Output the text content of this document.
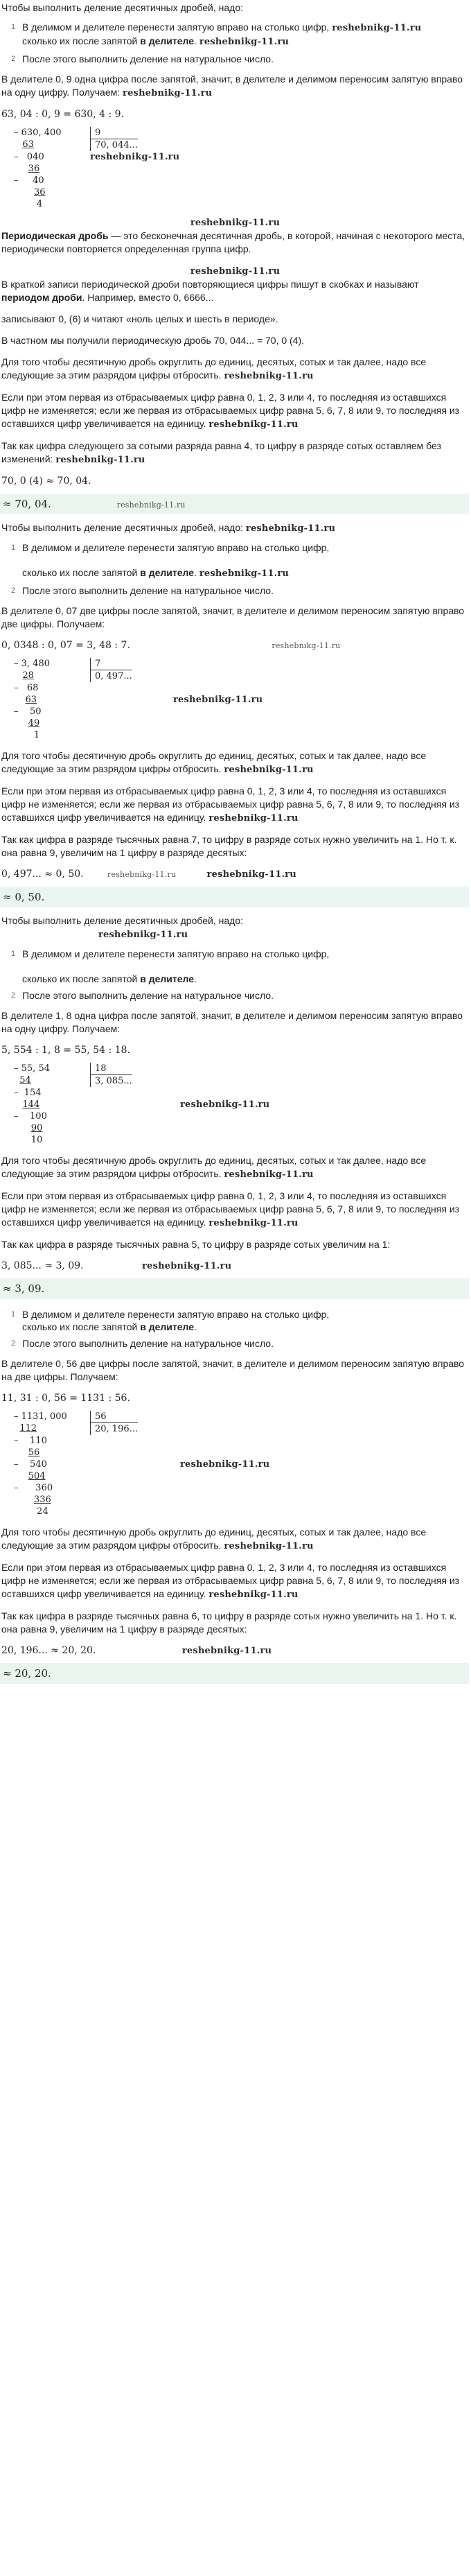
Чтобы выполнить деление десятичных дробей, надо:

1 В делимом и делителе перенести запятую вправо на столько цифр, reshebnikg-11.ru
сколько их после запятой в делителе. reshebnikg-11.ru
2 После этого выполнить деление на натуральное число.

В делителе 0, 9 одна цифра после запятой, значит, в делителе и делимом переносим запятую вправо на одну цифру. Получаем: reshebnikg-11.ru

63, 04 : 0, 9 = 630, 4 : 9.

– 630, 400	9
63	70, 044...
–   040	reshebnikg-11.ru
36
–     40
36
4

reshebnikg-11.ru

Периодическая дробь — это бесконечная десятичная дробь, в которой, начиная с некоторого места, периодически повторяется определенная группа цифр.

reshebnikg-11.ru

В краткой записи периодической дроби повторяющиеся цифры пишут в скобках и называют периодом дроби. Например, вместо 0, 6666...

записывают 0, (6) и читают «ноль целых и шесть в периоде».

В частном мы получили периодическую дробь 70, 044... = 70, 0 (4).

Для того чтобы десятичную дробь округлить до единиц, десятых, сотых и так далее, надо все следующие за этим разрядом цифры отбросить. reshebnikg-11.ru

Если при этом первая из отбрасываемых цифр равна 0, 1, 2, 3 или 4, то последняя из оставшихся цифр не изменяется; если же первая из отбрасываемых цифр равна 5, 6, 7, 8 или 9, то последняя из оставшихся цифр увеличивается на единицу. reshebnikg-11.ru

Так как цифра следующего за сотыми разряда равна 4, то цифру в разряде сотых оставляем без изменений: reshebnikg-11.ru

70, 0 (4) ≈ 70, 04.

≈ 70, 04.	reshebnikg-11.ru

Чтобы выполнить деление десятичных дробей, надо: reshebnikg-11.ru

1 В делимом и делителе перенести запятую вправо на столько цифр,

сколько их после запятой в делителе. reshebnikg-11.ru
2 После этого выполнить деление на натуральное число.

В делителе 0, 07 две цифры после запятой, значит, в делителе и делимом переносим запятую вправо две цифры. Получаем:

0, 0348 : 0, 07 = 3, 48 : 7.	reshebnikg-11.ru

– 3, 480	7
28	0, 497...
–   68
63	reshebnikg-11.ru
–    50
49
1

Для того чтобы десятичную дробь округлить до единиц, десятых, сотых и так далее, надо все следующие за этим разрядом цифры отбросить. reshebnikg-11.ru

Если при этом первая из отбрасываемых цифр равна 0, 1, 2, 3 или 4, то последняя из оставшихся цифр не изменяется; если же первая из отбрасываемых цифр равна 5, 6, 7, 8 или 9, то последняя из оставшихся цифр увеличивается на единицу. reshebnikg-11.ru

Так как цифра в разряде тысячных равна 7, то цифру в разряде сотых нужно увеличить на 1. Но т. к. она равна 9, увеличим на 1 цифру в разряде десятых:

0, 497... ≈ 0, 50.	reshebnikg-11.ru	reshebnikg-11.ru

≈ 0, 50.

Чтобы выполнить деление десятичных дробей, надо:

reshebnikg-11.ru

1 В делимом и делителе перенести запятую вправо на столько цифр,

сколько их после запятой в делителе.
2 После этого выполнить деление на натуральное число.

В делителе 1, 8 одна цифра после запятой, значит, в делителе и делимом переносим запятую вправо на одну цифру. Получаем:

5, 554 : 1, 8 = 55, 54 : 18.

– 55, 54	18
54	3, 085...
–  154
144	reshebnikg-11.ru
–    100
90
10

Для того чтобы десятичную дробь округлить до единиц, десятых, сотых и так далее, надо все следующие за этим разрядом цифры отбросить. reshebnikg-11.ru

Если при этом первая из отбрасываемых цифр равна 0, 1, 2, 3 или 4, то последняя из оставшихся цифр не изменяется; если же первая из отбрасываемых цифр равна 5, 6, 7, 8 или 9, то последняя из оставшихся цифр увеличивается на единицу. reshebnikg-11.ru

Так как цифра в разряде тысячных равна 5, то цифру в разряде сотых увеличим на 1:

3, 085... ≈ 3, 09.	reshebnikg-11.ru

≈ 3, 09.

1 В делимом и делителе перенести запятую вправо на столько цифр,
сколько их после запятой в делителе.
2 После этого выполнить деление на натуральное число.

В делителе 0, 56 две цифры после запятой, значит, в делителе и делимом переносим запятую вправо на две цифры. Получаем:

11, 31 : 0, 56 = 1131 : 56.

– 1131, 000	56
112	20, 196...
–    110
56
–    540	reshebnikg-11.ru
504
–      360
336
24

Для того чтобы десятичную дробь округлить до единиц, десятых, сотых и так далее, надо все следующие за этим разрядом цифры отбросить. reshebnikg-11.ru

Если при этом первая из отбрасываемых цифр равна 0, 1, 2, 3 или 4, то последняя из оставшихся цифр не изменяется; если же первая из отбрасываемых цифр равна 5, 6, 7, 8 или 9, то последняя из оставшихся цифр увеличивается на единицу. reshebnikg-11.ru

Так как цифра в разряде тысячных равна 6, то цифру в разряде сотых нужно увеличить на 1. Но т. к. она равна 9, увеличим на 1 цифру в разряде десятых:

20, 196... ≈ 20, 20.	reshebnikg-11.ru

≈ 20, 20.
